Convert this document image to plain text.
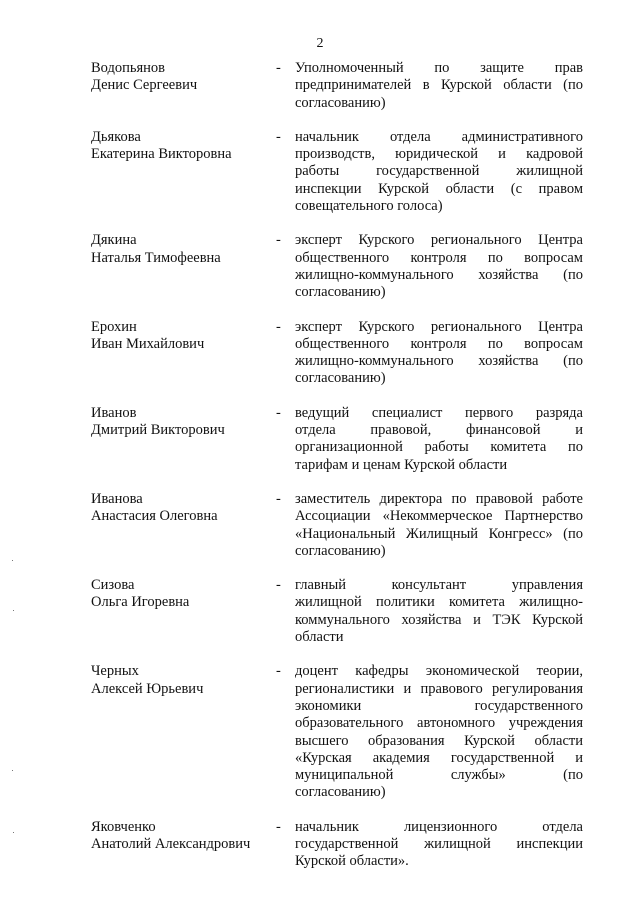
2
Водопьянов
Денис Сергеевич
- Уполномоченный по защите прав
предпринимателей в Курской области (по
согласованию)
Дьякова
Екатерина Викторовна
- начальник отдела административного
производств, юридической и кадровой
работы государственной жилищной
инспекции Курской области (с правом
совещательного голоса)
Дякина
Наталья Тимофеевна
- эксперт Курского регионального Центра
общественного контроля по вопросам
жилищно-коммунального хозяйства (по
согласованию)
Ерохин
Иван Михайлович
- эксперт Курского регионального Центра
общественного контроля по вопросам
жилищно-коммунального хозяйства (по
согласованию)
Иванов
Дмитрий Викторович
- ведущий специалист первого разряда
отдела правовой, финансовой и
организационной работы комитета по
тарифам и ценам Курской области
Иванова
Анастасия Олеговна
- заместитель директора по правовой работе
Ассоциации «Некоммерческое Партнерство
«Национальный Жилищный Конгресс» (по
согласованию)
Сизова
Ольга Игоревна
- главный консультант управления
жилищной политики комитета жилищно-
коммунального хозяйства и ТЭК Курской
области
Черных
Алексей Юрьевич
- доцент кафедры экономической теории,
регионалистики и правового регулирования
экономики государственного
образовательного автономного учреждения
высшего образования Курской области
«Курская академия государственной и
муниципальной службы» (по
согласованию)
Яковченко
Анатолий Александрович
- начальник лицензионного отдела
государственной жилищной инспекции
Курской области».
